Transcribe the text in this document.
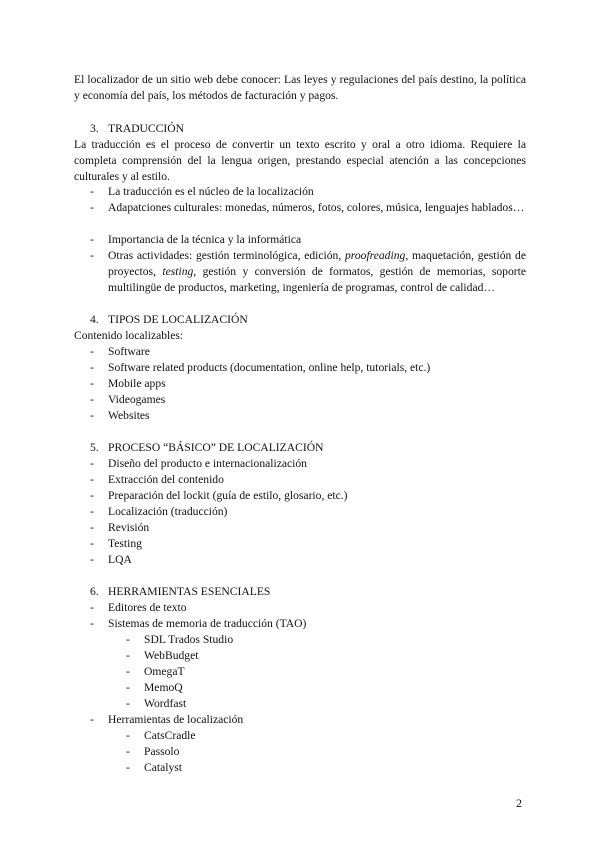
El localizador de un sitio web debe conocer: Las leyes y regulaciones del país destino, la política y economía del país, los métodos de facturación y pagos.

3. TRADUCCIÓN

La traducción es el proceso de convertir un texto escrito y oral a otro idioma. Requiere la completa comprensión del la lengua origen, prestando especial atención a las concepciones culturales y al estilo.

- La traducción es el núcleo de la localización
- Adapatciones culturales: monedas, números, fotos, colores, música, lenguajes hablados…
- Importancia de la técnica y la informática
- Otras actividades: gestión terminológica, edición, proofreading, maquetación, gestión de proyectos, testing, gestión y conversión de formatos, gestión de memorias, soporte multilingüe de productos, marketing, ingeniería de programas, control de calidad…
4. TIPOS DE LOCALIZACIÓN

Contenido localizables:

- Software
- Software related products (documentation, online help, tutorials, etc.)
- Mobile apps
- Videogames
- Websites
5. PROCESO “BÁSICO” DE LOCALIZACIÓN
- Diseño del producto e internacionalización
- Extracción del contenido
- Preparación del lockit (guía de estilo, glosario, etc.)
- Localización (traducción)
- Revisión
- Testing
- LQA
6. HERRAMIENTAS ESENCIALES
- Editores de texto
- Sistemas de memoria de traducción (TAO)
- SDL Trados Studio
- WebBudget
- OmegaT
- MemoQ
- Wordfast
- Herramientas de localización
- CatsCradle
- Passolo
- Catalyst
2
